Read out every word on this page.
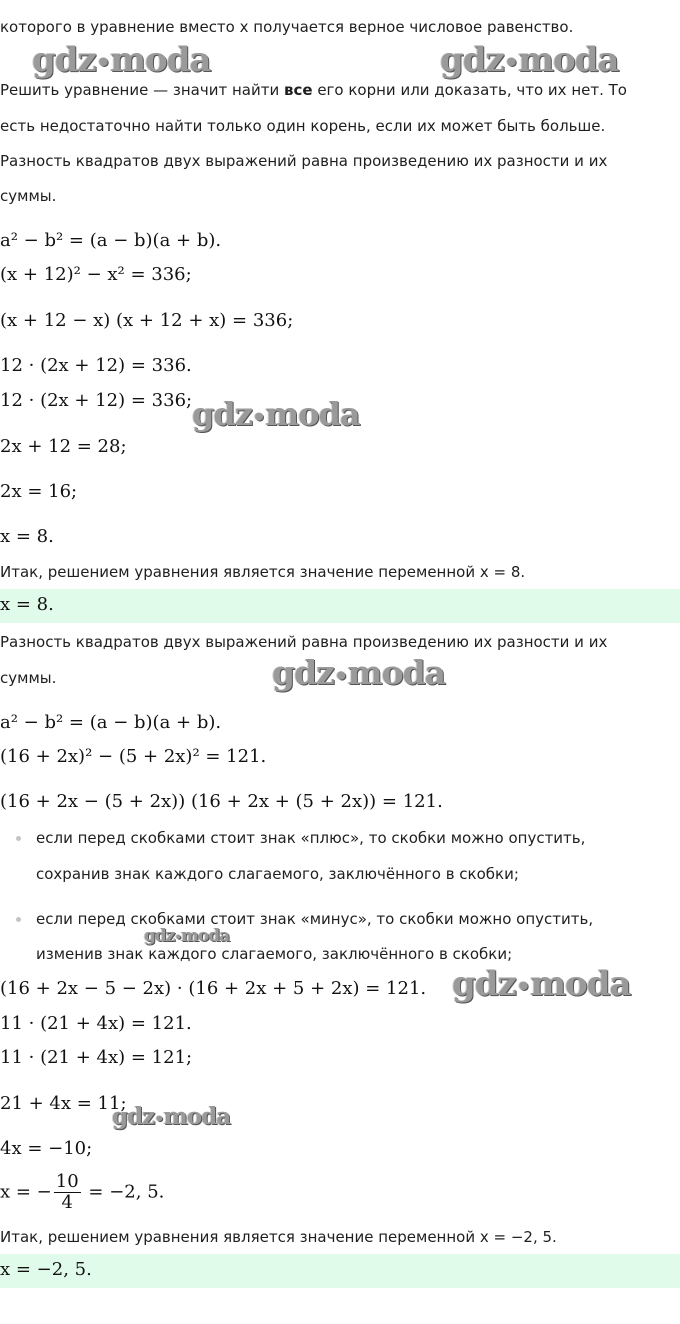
которого в уравнение вместо x получается верное числовое равенство.
Решить уравнение — значит найти все его корни или доказать, что их нет. То
есть недостаточно найти только один корень, если их может быть больше.
Разность квадратов двух выражений равна произведению их разности и их
суммы.
a² − b² = (a − b)(a + b).
(x + 12)² − x² = 336;
(x + 12 − x) (x + 12 + x) = 336;
12 · (2x + 12) = 336.
12 · (2x + 12) = 336;
2x + 12 = 28;
2x = 16;
x = 8.
Итак, решением уравнения является значение переменной x = 8.
x = 8.
Разность квадратов двух выражений равна произведению их разности и их
суммы.
a² − b² = (a − b)(a + b).
(16 + 2x)² − (5 + 2x)² = 121.
(16 + 2x − (5 + 2x)) (16 + 2x + (5 + 2x)) = 121.
если перед скобками стоит знак «плюс», то скобки можно опустить,
сохранив знак каждого слагаемого, заключённого в скобки;
если перед скобками стоит знак «минус», то скобки можно опустить,
изменив знак каждого слагаемого, заключённого в скобки;
(16 + 2x − 5 − 2x) · (16 + 2x + 5 + 2x) = 121.
11 · (21 + 4x) = 121.
11 · (21 + 4x) = 121;
21 + 4x = 11;
4x = −10;
x = − $\frac{10}{4} = -2$, 5.
Итак, решением уравнения является значение переменной x = −2, 5.
x = −2, 5.
gdz•moda	gdz•moda
gdz•moda
gdz•moda
gdz•moda
gdz•moda
gdz•moda
